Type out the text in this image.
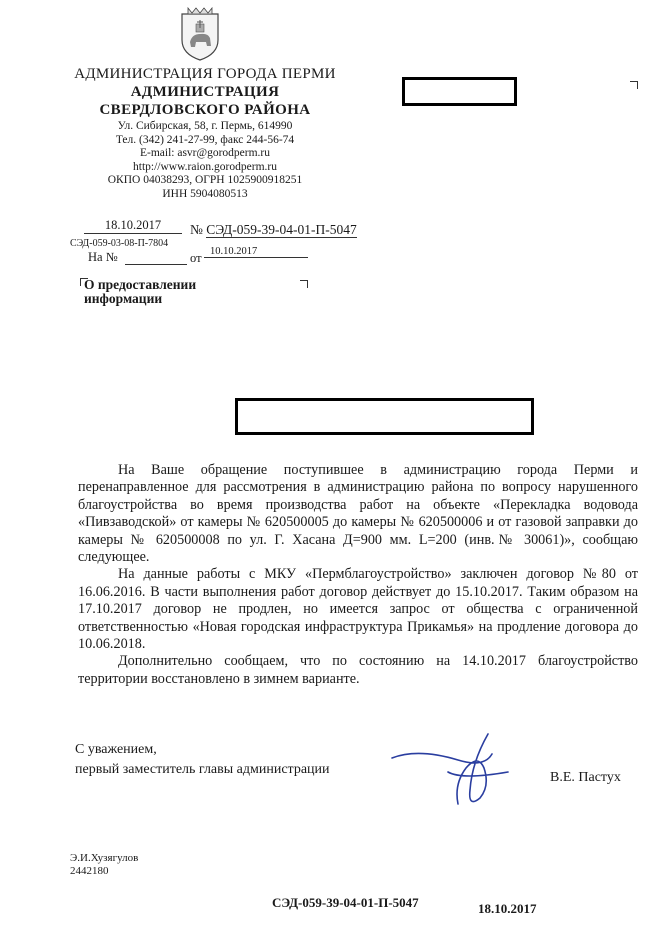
АДМИНИСТРАЦИЯ ГОРОДА ПЕРМИ
АДМИНИСТРАЦИЯ
СВЕРДЛОВСКОГО РАЙОНА
Ул. Сибирская, 58, г. Пермь, 614990
Тел. (342) 241-27-99, факс 244-56-74
E-mail: asvr@gorodperm.ru
http://www.raion.gorodperm.ru
ОКПО 04038293, ОГРН 1025900918251
ИНН 5904080513
18.10.2017	№ СЭД-059-39-04-01-П-5047
СЭД-059-03-08-П-7804
На №	от 10.10.2017
О предоставлении
информации

На Ваше обращение поступившее в администрацию города Перми и перенаправленное для рассмотрения в администрацию района по вопросу нарушенного благоустройства во время производства работ на объекте «Перекладка водовода «Пивзаводской» от камеры № 620500005 до камеры № 620500006 и от газовой заправки до камеры № 620500008 по ул. Г. Хасана Д=900 мм. L=200 (инв.№ 30061)», сообщаю следующее.

На данные работы с МКУ «Пермблагоустройство» заключен договор №80 от 16.06.2016. В части выполнения работ договор действует до 15.10.2017. Таким образом на 17.10.2017 договор не продлен, но имеется запрос от общества с ограниченной ответственностью «Новая городская инфраструктура Прикамья» на продление договора до 10.06.2018.

Дополнительно сообщаем, что по состоянию на 14.10.2017 благоустройство территории восстановлено в зимнем варианте.

С уважением,
первый заместитель главы администрации
В.Е. Пастух
Э.И.Хузягулов
2442180
СЭД-059-39-04-01-П-5047	18.10.2017
